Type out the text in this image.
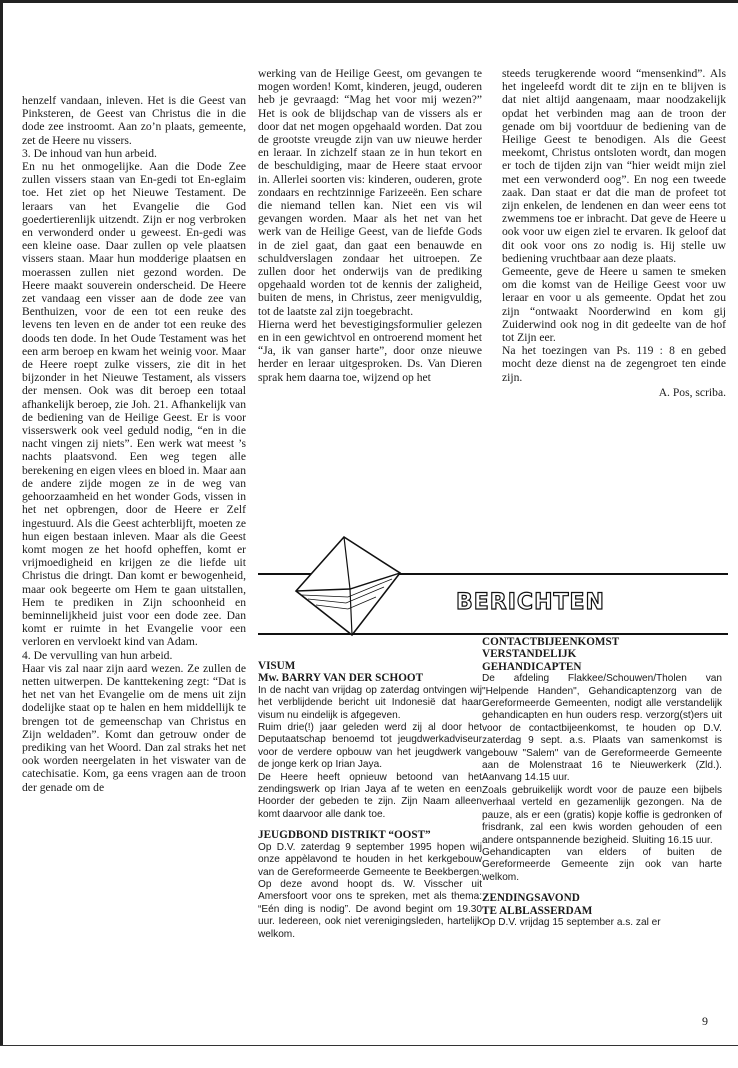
henzelf vandaan, inleven. Het is die Geest van Pinksteren, de Geest van Christus die in die dode zee instroomt. Aan zo’n plaats, gemeente, zet de Heere nu vissers.

3. De inhoud van hun arbeid.

En nu het onmogelijke. Aan die Dode Zee zullen vissers staan van En-gedi tot En-eglaim toe. Het ziet op het Nieuwe Testament. De leraars van het Evangelie die God goedertierenlijk uitzendt. Zijn er nog verbroken en verwonderd onder u geweest. En-gedi was een kleine oase. Daar zullen op vele plaatsen vissers staan. Maar hun modderige plaatsen en moerassen zullen niet gezond worden. De Heere maakt souverein onderscheid. De Heere zet vandaag een visser aan de dode zee van Benthuizen, voor de een tot een reuke des levens ten leven en de ander tot een reuke des doods ten dode. In het Oude Testament was het een arm beroep en kwam het weinig voor. Maar de Heere roept zulke vissers, zie dit in het bijzonder in het Nieuwe Testament, als vissers der mensen. Ook was dit beroep een totaal afhankelijk beroep, zie Joh. 21. Afhankelijk van de bediening van de Heilige Geest. Er is voor visserswerk ook veel geduld nodig, “en in die nacht vingen zij niets”. Een werk wat meest ’s nachts plaatsvond. Een weg tegen alle berekening en eigen vlees en bloed in. Maar aan de andere zijde mogen ze in de weg van gehoorzaamheid en het wonder Gods, vissen in het net opbrengen, door de Heere er Zelf ingestuurd. Als die Geest achterblijft, moeten ze hun eigen bestaan inleven. Maar als die Geest komt mogen ze het hoofd opheffen, komt er vrijmoedigheid en krijgen ze die liefde uit Christus die dringt. Dan komt er bewogenheid, maar ook begeerte om Hem te gaan uitstallen, Hem te prediken in Zijn schoonheid en beminnelijkheid juist voor een dode zee. Dan komt er ruimte in het Evangelie voor een verloren en vervloekt kind van Adam.

4. De vervulling van hun arbeid.

Haar vis zal naar zijn aard wezen. Ze zullen de netten uitwerpen. De kanttekening zegt: “Dat is het net van het Evangelie om de mens uit zijn dodelijke staat op te halen en hem middellijk te brengen tot de gemeenschap van Christus en Zijn weldaden”. Komt dan getrouw onder de prediking van het Woord. Dan zal straks het net ook worden neergelaten in het viswater van de catechisatie. Kom, ga eens vragen aan de troon der genade om de

werking van de Heilige Geest, om gevangen te mogen worden! Komt, kinderen, jeugd, ouderen heb je gevraagd: “Mag het voor mij wezen?” Het is ook de blijdschap van de vissers als er door dat net mogen opgehaald worden. Dat zou de grootste vreugde zijn van uw nieuwe herder en leraar. In zichzelf staan ze in hun tekort en de beschuldiging, maar de Heere staat ervoor in. Allerlei soorten vis: kinderen, ouderen, grote zondaars en rechtzinnige Farizeeën. Een schare die niemand tellen kan. Niet een vis wil gevangen worden. Maar als het net van het werk van de Heilige Geest, van de liefde Gods in de ziel gaat, dan gaat een benauwde en schuldverslagen zondaar het uitroepen. Ze zullen door het onderwijs van de prediking opgehaald worden tot de kennis der zaligheid, buiten de mens, in Christus, zeer menigvuldig, tot de laatste zal zijn toegebracht.

Hierna werd het bevestigingsformulier gelezen en in een gewichtvol en ontroerend moment het “Ja, ik van ganser harte”, door onze nieuwe herder en leraar uitgesproken. Ds. Van Dieren sprak hem daarna toe, wijzend op het

steeds terugkerende woord “mensenkind”. Als het ingeleefd wordt dit te zijn en te blijven is dat niet altijd aangenaam, maar noodzakelijk opdat het verbinden mag aan de troon der genade om bij voortduur de bediening van de Heilige Geest te benodigen. Als die Geest meekomt, Christus ontsloten wordt, dan mogen er toch de tijden zijn van “hier weidt mijn ziel met een verwonderd oog”. En nog een tweede zaak. Dan staat er dat die man de profeet tot zijn enkelen, de lendenen en dan weer eens tot zwemmens toe er inbracht. Dat geve de Heere u ook voor uw eigen ziel te ervaren. Ik geloof dat dit ook voor ons zo nodig is. Hij stelle uw bediening vruchtbaar aan deze plaats.

Gemeente, geve de Heere u samen te smeken om die komst van de Heilige Geest voor uw leraar en voor u als gemeente. Opdat het zou zijn “ontwaakt Noorderwind en kom gij Zuiderwind ook nog in dit gedeelte van de hof tot Zijn eer.

Na het toezingen van Ps. 119 : 8 en gebed mocht deze dienst na de zegengroet ten einde zijn.

A. Pos, scriba.

BERICHTEN
VISUM
Mw. BARRY VAN DER SCHOOT

In de nacht van vrijdag op zaterdag ontvingen wij het verblijdende bericht uit Indonesië dat haar visum nu eindelijk is afgegeven.

Ruim drie(!) jaar geleden werd zij al door het Deputaatschap benoemd tot jeugdwerkadviseur voor de verdere opbouw van het jeugdwerk van de jonge kerk op Irian Jaya.

De Heere heeft opnieuw betoond van het zendingswerk op Irian Jaya af te weten en een Hoorder der gebeden te zijn. Zijn Naam alleen komt daarvoor alle dank toe.

JEUGDBOND DISTRIKT “OOST”

Op D.V. zaterdag 9 september 1995 hopen wij onze appèlavond te houden in het kerkgebouw van de Gereformeerde Gemeente te Beekbergen. Op deze avond hoopt ds. W. Visscher uit Amersfoort voor ons te spreken, met als thema: “Eén ding is nodig”. De avond begint om 19.30 uur. Iedereen, ook niet verenigingsleden, hartelijk welkom.

CONTACTBIJEENKOMST
VERSTANDELIJK
GEHANDICAPTEN

De afdeling Flakkee/Schouwen/Tholen van "Helpende Handen", Gehandicaptenzorg van de Gereformeerde Gemeenten, nodigt alle verstandelijk gehandicapten en hun ouders resp. verzorg(st)ers uit voor de contactbijeenkomst, te houden op D.V. zaterdag 9 sept. a.s. Plaats van samenkomst is gebouw "Salem" van de Gereformeerde Gemeente aan de Molenstraat 16 te Nieuwerkerk (Zld.). Aanvang 14.15 uur.

Zoals gebruikelijk wordt voor de pauze een bijbels verhaal verteld en gezamenlijk gezongen. Na de pauze, als er een (gratis) kopje koffie is gedronken of frisdrank, zal een kwis worden gehouden of een andere ontspannende bezigheid. Sluiting 16.15 uur.

Gehandicapten van elders of buiten de Gereformeerde Gemeente zijn ook van harte welkom.

ZENDINGSAVOND
TE ALBLASSERDAM

Op D.V. vrijdag 15 september a.s. zal er

9
